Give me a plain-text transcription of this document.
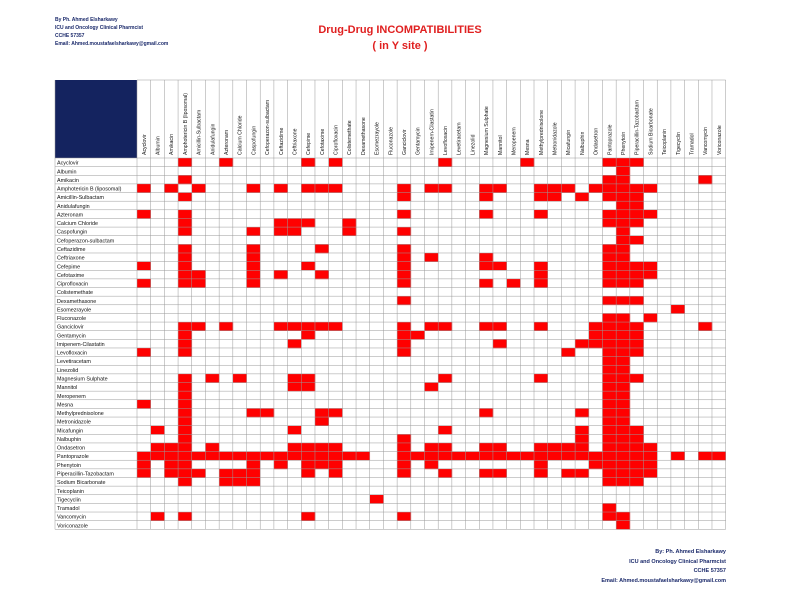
By Ph. Ahmed Elsharkawy
ICU and Oncology Clinical Pharmcist
CCHE 57357
Email: Ahmed.moustafaelsharkawy@gmail.com
Drug-Drug INCOMPATIBILITIES
( in Y site )
Acyclovir Albumin Amikacin Amphotericin B (liposomal) Amicillin-Sulbactam Anidulafungin Azteronam Calcium Chloride Caspofungin Cefoperazon-sulbactam Ceftazidime Ceftriaxone Cefepime Cefotaxime Ciprofloxacin Colistemethate Dexamethasone Esomezrayole Fluconazole Ganciclovir Gentamycin Imipenem-Cilastatin Levofloxacin Levetiracetam Linezolid Magnesium Sulphate Mannitol Meropenem Mesna Methylprednisolone Metronidazole Micafungin Nalbuphin Ondasetron Pantoprazole Phenytoin Piperacillin-Tazobactam Sodium Bicarbonate Teicoplanin Tigecyclin Tramadol Vancomycin Voriconazole
Acyclovir
Albumin
Amikacin
Amphotericin B (liposomal)
Amicillin-Sulbactam
Anidulafungin
Azteronam
Calcium Chloride
Caspofungin
Cefoperazon-sulbactam
Ceftazidime
Ceftriaxone
Cefepime
Cefotaxime
Ciprofloxacin
Colistemethate
Dexamethasone
Esomezrayole
Fluconazole
Ganciclovir
Gentamycin
Imipenem-Cilastatin
Levofloxacin
Levetiracetam
Linezolid
Magnesium Sulphate
Mannitol
Meropenem
Mesna
Methylprednisolone
Metronidazole
Micafungin
Nalbuphin
Ondasetron
Pantoprazole
Phenytoin
Piperacillin-Tazobactam
Sodium Bicarbonate
Teicoplanin
Tigecyclin
Tramadol
Vancomycin
Voriconazole
By: Ph. Ahmed Elsharkawy
ICU and Oncology Clinical Pharmcist
CCHE 57357
Email: Ahmed.moustafaelsharkawy@gmail.com
